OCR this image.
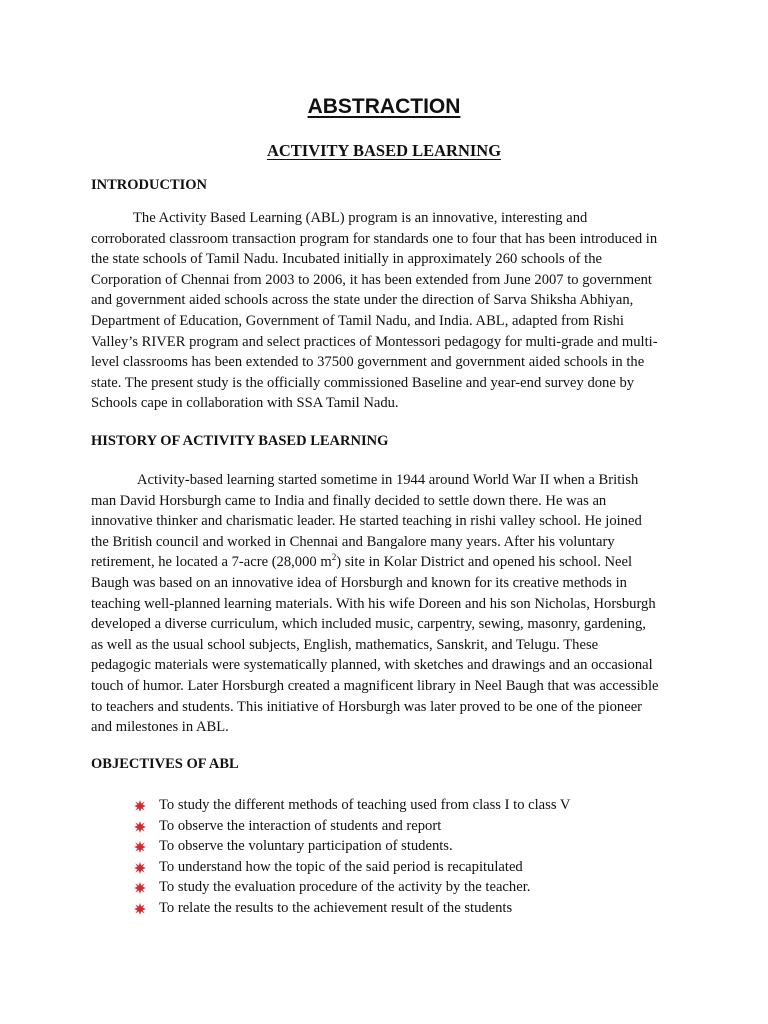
ABSTRACTION
ACTIVITY BASED LEARNING
INTRODUCTION

The Activity Based Learning (ABL) program is an innovative, interesting and
corroborated classroom transaction program for standards one to four that has been introduced in
the state schools of Tamil Nadu. Incubated initially in approximately 260 schools of the
Corporation of Chennai from 2003 to 2006, it has been extended from June 2007 to government
and government aided schools across the state under the direction of Sarva Shiksha Abhiyan,
Department of Education, Government of Tamil Nadu, and India. ABL, adapted from Rishi
Valley’s RIVER program and select practices of Montessori pedagogy for multi-grade and multi-
level classrooms has been extended to 37500 government and government aided schools in the
state. The present study is the officially commissioned Baseline and year-end survey done by
Schools cape in collaboration with SSA Tamil Nadu.

HISTORY OF ACTIVITY BASED LEARNING

Activity-based learning started sometime in 1944 around World War II when a British
man David Horsburgh came to India and finally decided to settle down there. He was an
innovative thinker and charismatic leader. He started teaching in rishi valley school. He joined
the British council and worked in Chennai and Bangalore many years. After his voluntary
retirement, he located a 7-acre (28,000 $m^2$) site in Kolar District and opened his school. Neel
Baugh was based on an innovative idea of Horsburgh and known for its creative methods in
teaching well-planned learning materials. With his wife Doreen and his son Nicholas, Horsburgh
developed a diverse curriculum, which included music, carpentry, sewing, masonry, gardening,
as well as the usual school subjects, English, mathematics, Sanskrit, and Telugu. These
pedagogic materials were systematically planned, with sketches and drawings and an occasional
touch of humor. Later Horsburgh created a magnificent library in Neel Baugh that was accessible
to teachers and students. This initiative of Horsburgh was later proved to be one of the pioneer
and milestones in ABL.

OBJECTIVES OF ABL
To study the different methods of teaching used from class I to class V
To observe the interaction of students and report
To observe the voluntary participation of students.
To understand how the topic of the said period is recapitulated
To study the evaluation procedure of the activity by the teacher.
To relate the results to the achievement result of the students
